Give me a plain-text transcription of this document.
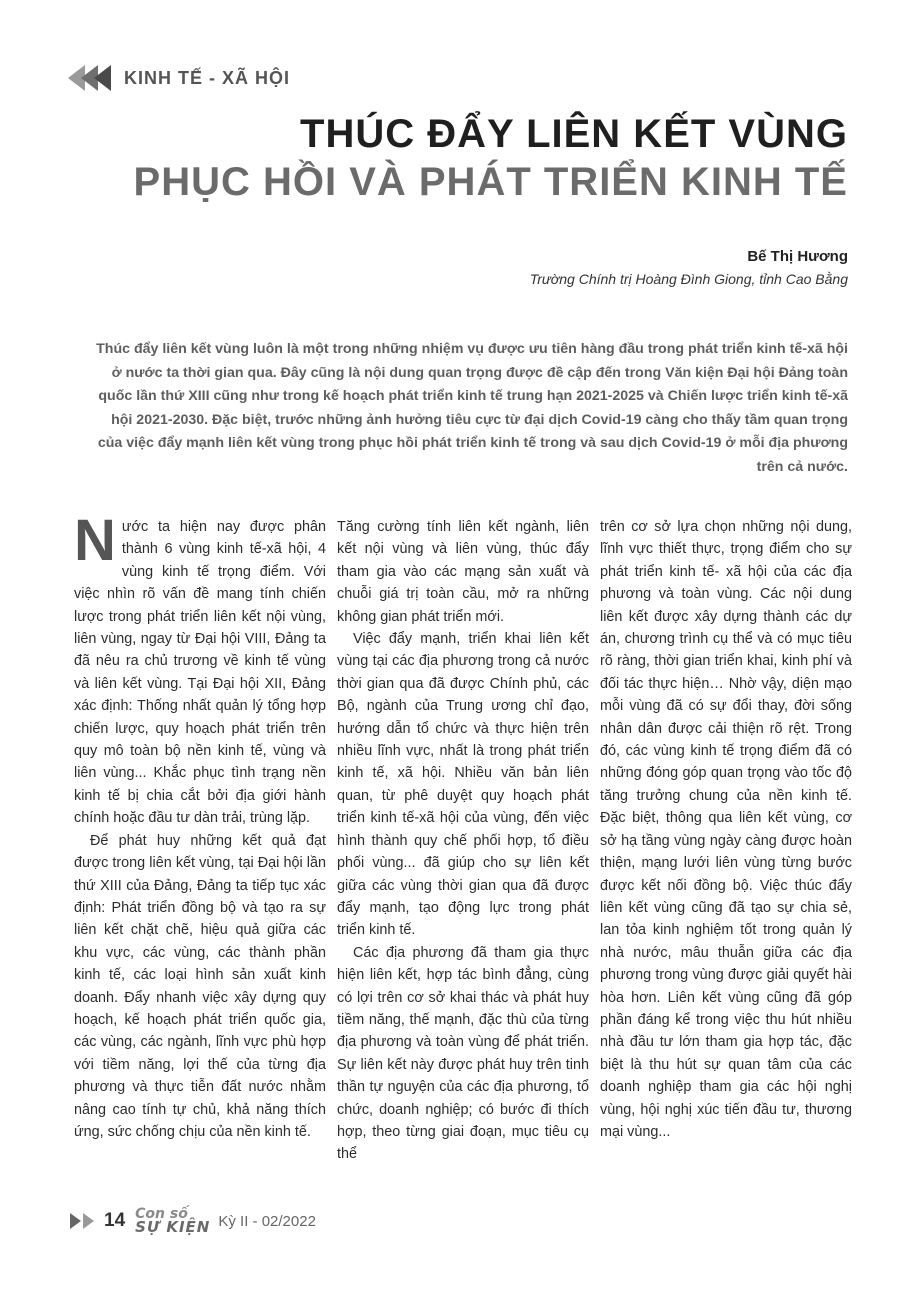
KINH TẾ - XÃ HỘI
THÚC ĐẨY LIÊN KẾT VÙNG
PHỤC HỒI VÀ PHÁT TRIỂN KINH TẾ
Bế Thị Hương
Trường Chính trị Hoàng Đình Giong, tỉnh Cao Bằng
Thúc đẩy liên kết vùng luôn là một trong những nhiệm vụ được ưu tiên hàng đầu trong phát triển kinh tế-xã hội ở nước ta thời gian qua. Đây cũng là nội dung quan trọng được đề cập đến trong Văn kiện Đại hội Đảng toàn quốc lần thứ XIII cũng như trong kế hoạch phát triển kinh tế trung hạn 2021-2025 và Chiến lược triển kinh tế-xã hội 2021-2030. Đặc biệt, trước những ảnh hưởng tiêu cực từ đại dịch Covid-19 càng cho thấy tầm quan trọng của việc đẩy mạnh liên kết vùng trong phục hồi phát triển kinh tế trong và sau dịch Covid-19 ở mỗi địa phương trên cả nước.

Nước ta hiện nay được phân thành 6 vùng kinh tế-xã hội, 4 vùng kinh tế trọng điểm. Với việc nhìn rõ vấn đề mang tính chiến lược trong phát triển liên kết nội vùng, liên vùng, ngay từ Đại hội VIII, Đảng ta đã nêu ra chủ trương về kinh tế vùng và liên kết vùng. Tại Đại hội XII, Đảng xác định: Thống nhất quản lý tổng hợp chiến lược, quy hoạch phát triển trên quy mô toàn bộ nền kinh tế, vùng và liên vùng... Khắc phục tình trạng nền kinh tế bị chia cắt bởi địa giới hành chính hoặc đầu tư dàn trải, trùng lặp.

Để phát huy những kết quả đạt được trong liên kết vùng, tại Đại hội lần thứ XIII của Đảng, Đảng ta tiếp tục xác định: Phát triển đồng bộ và tạo ra sự liên kết chặt chẽ, hiệu quả giữa các khu vực, các vùng, các thành phần kinh tế, các loại hình sản xuất kinh doanh. Đẩy nhanh việc xây dựng quy hoạch, kế hoạch phát triển quốc gia, các vùng, các ngành, lĩnh vực phù hợp với tiềm năng, lợi thế của từng địa phương và thực tiễn đất nước nhằm nâng cao tính tự chủ, khả năng thích ứng, sức chống chịu của nền kinh tế.

Tăng cường tính liên kết ngành, liên kết nội vùng và liên vùng, thúc đẩy tham gia vào các mạng sản xuất và chuỗi giá trị toàn cầu, mở ra những không gian phát triển mới.

Việc đẩy mạnh, triển khai liên kết vùng tại các địa phương trong cả nước thời gian qua đã được Chính phủ, các Bộ, ngành của Trung ương chỉ đạo, hướng dẫn tổ chức và thực hiện trên nhiều lĩnh vực, nhất là trong phát triển kinh tế, xã hội. Nhiều văn bản liên quan, từ phê duyệt quy hoạch phát triển kinh tế-xã hội của vùng, đến việc hình thành quy chế phối hợp, tổ điều phối vùng... đã giúp cho sự liên kết giữa các vùng thời gian qua đã được đẩy mạnh, tạo động lực trong phát triển kinh tế.

Các địa phương đã tham gia thực hiện liên kết, hợp tác bình đẳng, cùng có lợi trên cơ sở khai thác và phát huy tiềm năng, thế mạnh, đặc thù của từng địa phương và toàn vùng để phát triển. Sự liên kết này được phát huy trên tinh thần tự nguyện của các địa phương, tổ chức, doanh nghiệp; có bước đi thích hợp, theo từng giai đoạn, mục tiêu cụ thể

trên cơ sở lựa chọn những nội dung, lĩnh vực thiết thực, trọng điểm cho sự phát triển kinh tế- xã hội của các địa phương và toàn vùng. Các nội dung liên kết được xây dựng thành các dự án, chương trình cụ thể và có mục tiêu rõ ràng, thời gian triển khai, kinh phí và đối tác thực hiện… Nhờ vậy, diện mạo mỗi vùng đã có sự đổi thay, đời sống nhân dân được cải thiện rõ rệt. Trong đó, các vùng kinh tế trọng điểm đã có những đóng góp quan trọng vào tốc độ tăng trưởng chung của nền kinh tế. Đặc biệt, thông qua liên kết vùng, cơ sở hạ tầng vùng ngày càng được hoàn thiện, mạng lưới liên vùng từng bước được kết nối đồng bộ. Việc thúc đẩy liên kết vùng cũng đã tạo sự chia sẻ, lan tỏa kinh nghiệm tốt trong quản lý nhà nước, mâu thuẫn giữa các địa phương trong vùng được giải quyết hài hòa hơn. Liên kết vùng cũng đã góp phần đáng kể trong việc thu hút nhiều nhà đầu tư lớn tham gia hợp tác, đặc biệt là thu hút sự quan tâm của các doanh nghiệp tham gia các hội nghị vùng, hội nghị xúc tiến đầu tư, thương mại vùng...

14 Con số
SỰ KIỆN Kỳ II - 02/2022
